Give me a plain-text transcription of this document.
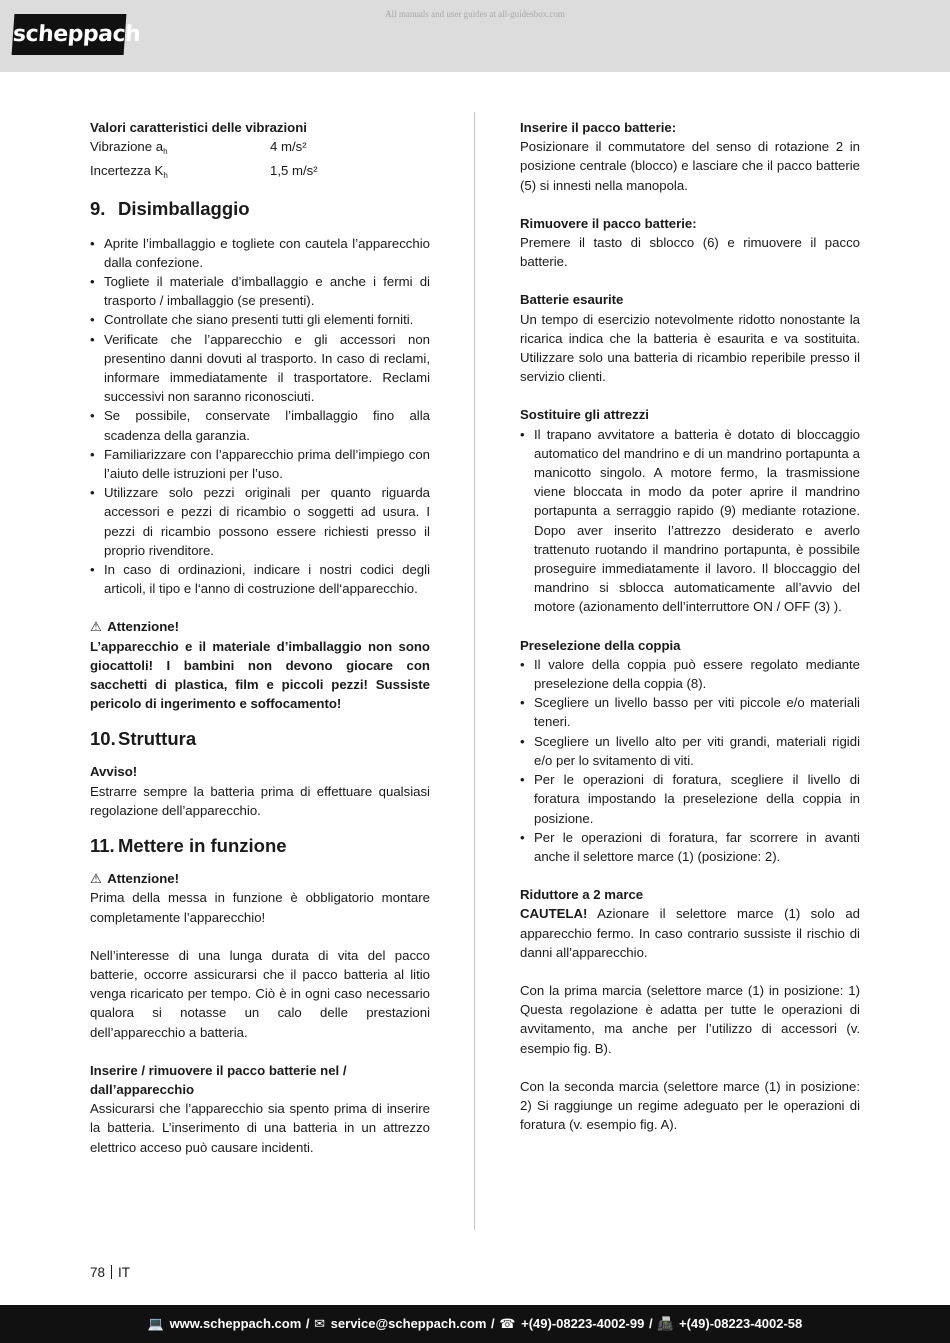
scheppach
All manuals and user guides at all-guidesbox.com

Valori caratteristici delle vibrazioni

Vibrazione $a_h$	4 m/s²
Incertezza $K_h$	1,5 m/s²
9. Disimballaggio
• Aprite l’imballaggio e togliete con cautela l’apparecchio dalla confezione.
• Togliete il materiale d’imballaggio e anche i fermi di trasporto / imballaggio (se presenti).
• Controllate che siano presenti tutti gli elementi forniti.
• Verificate che l’apparecchio e gli accessori non presentino danni dovuti al trasporto. In caso di reclami, informare immediatamente il trasportatore. Reclami successivi non saranno riconosciuti.
• Se possibile, conservate l’imballaggio fino alla scadenza della garanzia.
• Familiarizzare con l’apparecchio prima dell’impiego con l’aiuto delle istruzioni per l’uso.
• Utilizzare solo pezzi originali per quanto riguarda accessori e pezzi di ricambio o soggetti ad usura. I pezzi di ricambio possono essere richiesti presso il proprio rivenditore.
• In caso di ordinazioni, indicare i nostri codici degli articoli, il tipo e l‘anno di costruzione dell‘apparecchio.

⚠ Attenzione!

L’apparecchio e il materiale d’imballaggio non sono giocattoli! I bambini non devono giocare con sacchetti di plastica, film e piccoli pezzi! Sussiste pericolo di ingerimento e soffocamento!

10. Struttura

Avviso!

Estrarre sempre la batteria prima di effettuare qualsiasi regolazione dell’apparecchio.

11. Mettere in funzione

⚠ Attenzione!

Prima della messa in funzione è obbligatorio montare completamente l’apparecchio!

Nell’interesse di una lunga durata di vita del pacco batterie, occorre assicurarsi che il pacco batteria al litio venga ricaricato per tempo. Ciò è in ogni caso necessario qualora si notasse un calo delle prestazioni dell’apparecchio a batteria.

Inserire / rimuovere il pacco batterie nel / dall’apparecchio

Assicurarsi che l’apparecchio sia spento prima di inserire la batteria. L’inserimento di una batteria in un attrezzo elettrico acceso può causare incidenti.

Inserire il pacco batterie:

Posizionare il commutatore del senso di rotazione 2 in posizione centrale (blocco) e lasciare che il pacco batterie (5) si innesti nella manopola.

Rimuovere il pacco batterie:

Premere il tasto di sblocco (6) e rimuovere il pacco batterie.

Batterie esaurite

Un tempo di esercizio notevolmente ridotto nonostante la ricarica indica che la batteria è esaurita e va sostituita. Utilizzare solo una batteria di ricambio reperibile presso il servizio clienti.

Sostituire gli attrezzi

• Il trapano avvitatore a batteria è dotato di bloccaggio automatico del mandrino e di un mandrino portapunta a manicotto singolo. A motore fermo, la trasmissione viene bloccata in modo da poter aprire il mandrino portapunta a serraggio rapido (9) mediante rotazione. Dopo aver inserito l’attrezzo desiderato e averlo trattenuto ruotando il mandrino portapunta, è possibile proseguire immediatamente il lavoro. Il bloccaggio del mandrino si sblocca automaticamente all’avvio del motore (azionamento dell’interruttore ON / OFF (3) ).

Preselezione della coppia

• Il valore della coppia può essere regolato mediante preselezione della coppia (8).
• Scegliere un livello basso per viti piccole e/o materiali teneri.
• Scegliere un livello alto per viti grandi, materiali rigidi e/o per lo svitamento di viti.
• Per le operazioni di foratura, scegliere il livello di foratura impostando la preselezione della coppia in posizione.
• Per le operazioni di foratura, far scorrere in avanti anche il selettore marce (1) (posizione: 2).

Riduttore a 2 marce

CAUTELA! Azionare il selettore marce (1) solo ad apparecchio fermo. In caso contrario sussiste il rischio di danni all’apparecchio.

Con la prima marcia (selettore marce (1) in posizione: 1) Questa regolazione è adatta per tutte le operazioni di avvitamento, ma anche per l’utilizzo di accessori (v. esempio fig. B).

Con la seconda marcia (selettore marce (1) in posizione: 2) Si raggiunge un regime adeguato per le operazioni di foratura (v. esempio fig. A).

78 IT
💻 www.scheppach.com / ✉ service@scheppach.com / ☎ +(49)-08223-4002-99 / 📠 +(49)-08223-4002-58
